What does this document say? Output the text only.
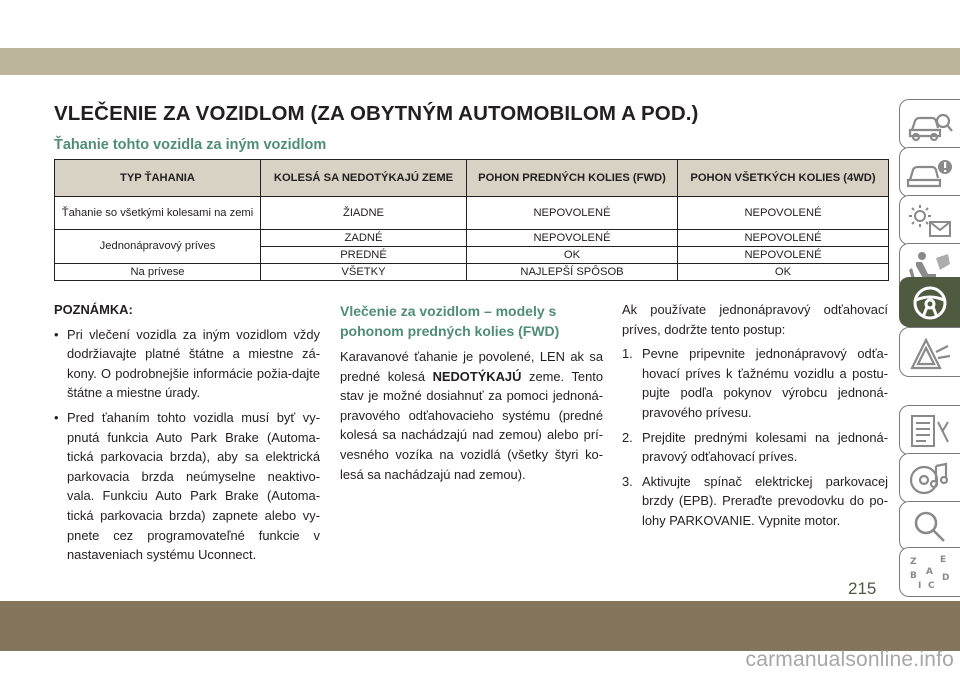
VLEČENIE ZA VOZIDLOM (ZA OBYTNÝM AUTOMOBILOM A POD.)
Ťahanie tohto vozidla za iným vozidlom
TYP ŤAHANIA	KOLESÁ SA NEDOTÝKAJÚ ZEME	POHON PREDNÝCH KOLIES (FWD)	POHON VŠETKÝCH KOLIES (4WD)
Ťahanie so všetkými kolesami na zemi	ŽIADNE	NEPOVOLENÉ	NEPOVOLENÉ
Jednonápravový príves	ZADNÉ	NEPOVOLENÉ	NEPOVOLENÉ
	PREDNÉ	OK	NEPOVOLENÉ
Na prívese	VŠETKY	NAJLEPŠÍ SPÔSOB	OK

POZNÁMKA:

• Pri vlečení vozidla za iným vozidlom vždy dodržiavajte platné štátne a miestne zá-kony. O podrobnejšie informácie požia-dajte štátne a miestne úrady.

• Pred ťahaním tohto vozidla musí byť vy-pnutá funkcia Auto Park Brake (Automa-tická parkovacia brzda), aby sa elektrická parkovacia brzda neúmyselne neaktivo-vala. Funkciu Auto Park Brake (Automa-tická parkovacia brzda) zapnete alebo vy-pnete cez programovateľné funkcie v nastaveniach systému Uconnect.

Vlečenie za vozidlom – modely s pohonom predných kolies (FWD)

Karavanové ťahanie je povolené, LEN ak sa predné kolesá NEDOTÝKAJÚ zeme. Tento stav je možné dosiahnuť za pomoci jednoná-pravového odťahovacieho systému (predné kolesá sa nachádzajú nad zemou) alebo prí-vesného vozíka na vozidlá (všetky štyri ko-lesá sa nachádzajú nad zemou).

Ak používate jednonápravový odťahovací príves, dodržte tento postup:

1. Pevne pripevnite jednonápravový odťa-hovací príves k ťažnému vozidlu a postu-pujte podľa pokynov výrobcu jednoná-pravového prívesu.

2. Prejdite prednými kolesami na jednoná-pravový odťahovací príves.

3. Aktivujte spínač elektrickej parkovacej brzdy (EPB). Preraďte prevodovku do po-lohy PARKOVANIE. Vypnite motor.

Z	E
B A
D
I C
215
carmanualsonline.info
